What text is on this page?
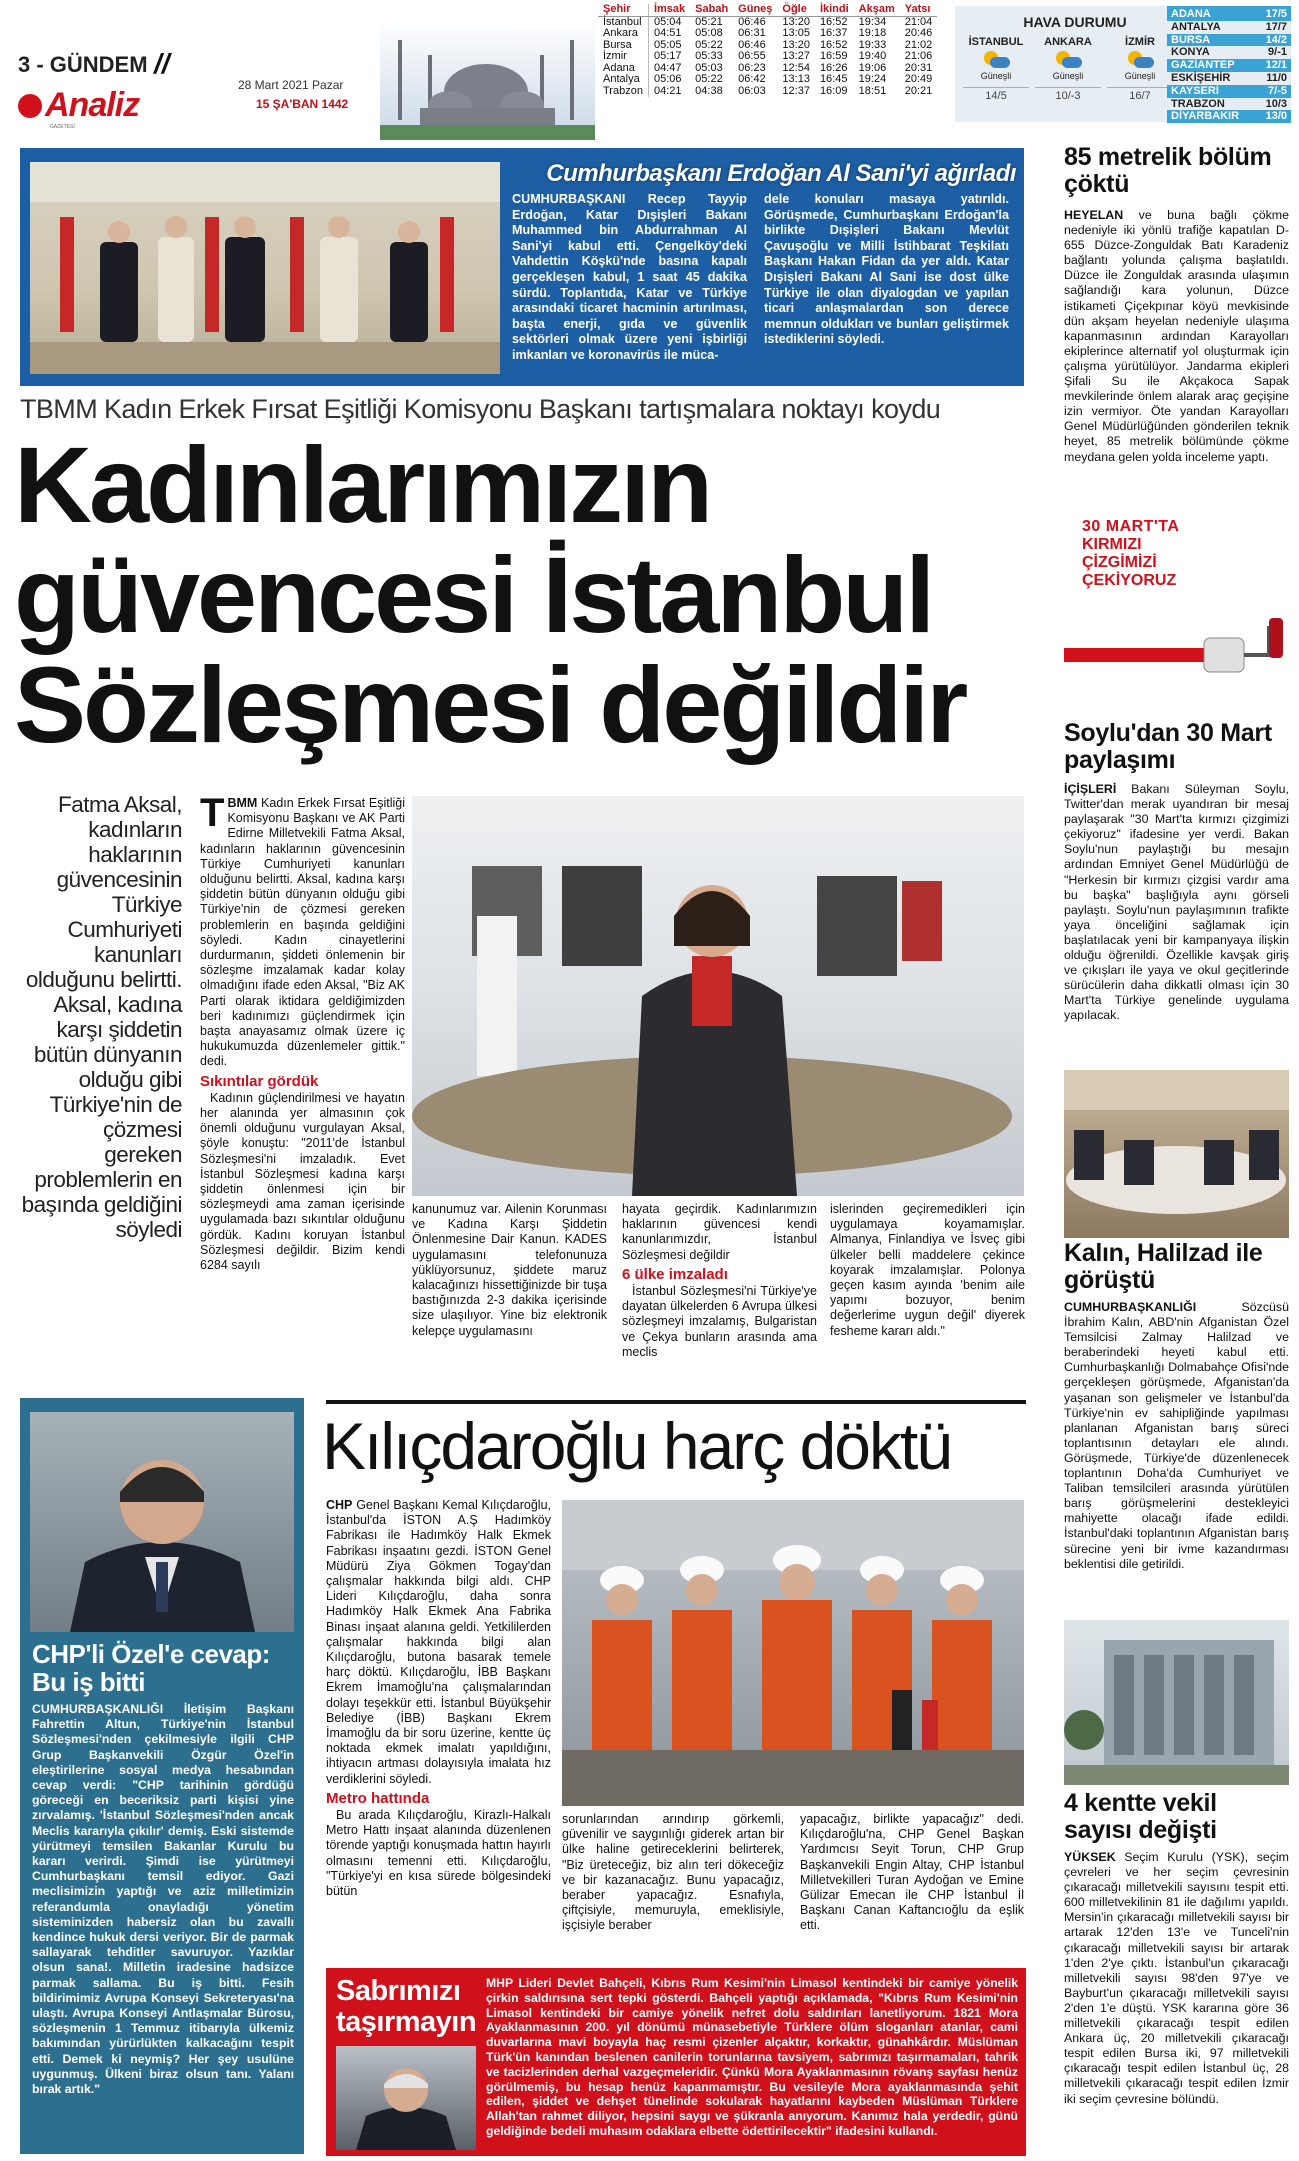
3 - GÜNDEM //
Analiz
GAZETESİ
28 Mart 2021 Pazar
15 ŞA'BAN 1442
Şehir	İmsak	Sabah	Güneş	Öğle	İkindi	Akşam	Yatsı
İstanbul	05:04	05:21	06:46	13:20	16:52	19:34	21:04
Ankara	04:51	05:08	06:31	13:05	16:37	19:18	20:46
Bursa	05:05	05:22	06:46	13:20	16:52	19:33	21:02
İzmir	05:17	05:33	06:55	13:27	16:59	19:40	21:06
Adana	04:47	05:03	06:23	12:54	16:26	19:06	20:31
Antalya	05:06	05:22	06:42	13:13	16:45	19:24	20:49
Trabzon	04:21	04:38	06:03	12:37	16:09	18:51	20:21
HAVA DURUMU
İSTANBUL
Güneşli
14/5
ANKARA
Güneşli
10/-3
İZMİR
Güneşli
16/7
ADANA	17/5
ANTALYA	17/7
BURSA	14/2
KONYA	9/-1
GAZİANTEP	12/1
ESKİŞEHİR	11/0
KAYSERİ	7/-5
TRABZON	10/3
DİYARBAKIR 13/0
Cumhurbaşkanı Erdoğan Al Sani'yi ağırladı
CUMHURBAŞKANI Recep Tayyip Erdoğan, Katar Dışişleri Bakanı Muhammed bin Abdurrahman Al Sani'yi kabul etti. Çengelköy'deki Vahdettin Köşkü'nde basına kapalı gerçekleşen kabul, 1 saat 45 dakika sürdü. Toplantıda, Katar ve Türkiye arasındaki ticaret hacminin artırılması, başta enerji, gıda ve güvenlik sektörleri olmak üzere yeni işbirliği imkanları ve koronavirüs ile müca-
dele konuları masaya yatırıldı. Görüşmede, Cumhurbaşkanı Erdoğan'la birlikte Dışişleri Bakanı Mevlüt Çavuşoğlu ve Milli İstihbarat Teşkilatı Başkanı Hakan Fidan da yer aldı. Katar Dışişleri Bakanı Al Sani ise dost ülke Türkiye ile olan diyalogdan ve yapılan ticari anlaşmalardan son derece memnun oldukları ve bunları geliştirmek istediklerini söyledi.
TBMM Kadın Erkek Fırsat Eşitliği Komisyonu Başkanı tartışmalara noktayı koydu
Kadınlarımızın
güvencesi İstanbul
Sözleşmesi değildir
Fatma Aksal, kadınların haklarının güvencesinin Türkiye Cumhuriyeti kanunları olduğunu belirtti. Aksal, kadına karşı şiddetin bütün dünyanın olduğu gibi Türkiye'nin de çözmesi gereken problemlerin en başında geldiğini söyledi
TBMM Kadın Erkek Fırsat Eşitliği Komisyonu Başkanı ve AK Parti Edirne Milletvekili Fatma Aksal, kadınların haklarının güvencesinin Türkiye Cumhuriyeti kanunları olduğunu belirtti. Aksal, kadına karşı şiddetin bütün dünyanın olduğu gibi Türkiye'nin de çözmesi gereken problemlerin en başında geldiğini söyledi. Kadın cinayetlerini durdurmanın, şiddeti önlemenin bir sözleşme imzalamak kadar kolay olmadığını ifade eden Aksal, "Biz AK Parti olarak iktidara geldiğimizden beri kadınımızı güçlendirmek için başta anayasamız olmak üzere iç hukukumuzda düzenlemeler gittik." dedi.
Sıkıntılar gördük
Kadının güçlendirilmesi ve hayatın her alanında yer almasının çok önemli olduğunu vurgulayan Aksal, şöyle konuştu: "2011'de İstanbul Sözleşmesi'ni imzaladık. Evet İstanbul Sözleşmesi kadına karşı şiddetin önlenmesi için bir sözleşmeydi ama zaman içerisinde uygulamada bazı sıkıntılar olduğunu gördük. Kadını koruyan İstanbul Sözleşmesi değildir. Bizim kendi 6284 sayılı
kanunumuz var. Ailenin Korunması ve Kadına Karşı Şiddetin Önlenmesine Dair Kanun. KADES uygulamasını telefonunuza yüklüyorsunuz, şiddete maruz kalacağınızı hissettiğinizde bir tuşa bastığınızda 2-3 dakika içerisinde size ulaşılıyor. Yine biz elektronik kelepçe uygulamasını
hayata geçirdik. Kadınlarımızın haklarının güvencesi kendi kanunlarımızdır, İstanbul Sözleşmesi değildir
6 ülke imzaladı
İstanbul Sözleşmesi'ni Türkiye'ye dayatan ülkelerden 6 Avrupa ülkesi sözleşmeyi imzalamış, Bulgaristan ve Çekya bunların arasında ama meclis
islerinden geçiremedikleri için uygulamaya koyamamışlar. Almanya, Finlandiya ve İsveç gibi ülkeler belli maddelere çekince koyarak imzalamışlar. Polonya geçen kasım ayında 'benim aile yapımı bozuyor, benim değerlerime uygun değil' diyerek fesheme kararı aldı."
85 metrelik bölüm çöktü
HEYELAN ve buna bağlı çökme nedeniyle iki yönlü trafiğe kapatılan D-655 Düzce-Zonguldak Batı Karadeniz bağlantı yolunda çalışma başlatıldı. Düzce ile Zonguldak arasında ulaşımın sağlandığı kara yolunun, Düzce istikameti Çiçekpınar köyü mevkisinde dün akşam heyelan nedeniyle ulaşıma kapanmasının ardından Karayolları ekiplerince alternatif yol oluşturmak için çalışma yürütülüyor. Jandarma ekipleri Şifali Su ile Akçakoca Sapak mevkilerinde önlem alarak araç geçişine izin vermiyor. Öte yandan Karayolları Genel Müdürlüğünden gönderilen teknik heyet, 85 metrelik bölümünde çökme meydana gelen yolda inceleme yaptı.
30 MART'TA
KIRMIZI
ÇİZGİMİZİ
ÇEKİYORUZ
Soylu'dan 30 Mart paylaşımı
İÇİŞLERİ Bakanı Süleyman Soylu, Twitter'dan merak uyandıran bir mesaj paylaşarak "30 Mart'ta kırmızı çizgimizi çekiyoruz" ifadesine yer verdi. Bakan Soylu'nun paylaştığı bu mesajın ardından Emniyet Genel Müdürlüğü de "Herkesin bir kırmızı çizgisi vardır ama bu başka" başlığıyla aynı görseli paylaştı. Soylu'nun paylaşımının trafikte yaya önceliğini sağlamak için başlatılacak yeni bir kampanyaya ilişkin olduğu öğrenildi. Özellikle kavşak giriş ve çıkışları ile yaya ve okul geçitlerinde sürücülerin daha dikkatli olması için 30 Mart'ta Türkiye genelinde uygulama yapılacak.
Kalın, Halilzad ile görüştü
CUMHURBAŞKANLIĞI Sözcüsü İbrahim Kalın, ABD'nin Afganistan Özel Temsilcisi Zalmay Halilzad ve beraberindeki heyeti kabul etti. Cumhurbaşkanlığı Dolmabahçe Ofisi'nde gerçekleşen görüşmede, Afganistan'da yaşanan son gelişmeler ve İstanbul'da Türkiye'nin ev sahipliğinde yapılması planlanan Afganistan barış süreci toplantısının detayları ele alındı. Görüşmede, Türkiye'de düzenlenecek toplantının Doha'da Cumhuriyet ve Taliban temsilcileri arasında yürütülen barış görüşmelerini destekleyici mahiyette olacağı ifade edildi. İstanbul'daki toplantının Afganistan barış sürecine yeni bir ivme kazandırması beklentisi dile getirildi.
4 kentte vekil sayısı değişti
YÜKSEK Seçim Kurulu (YSK), seçim çevreleri ve her seçim çevresinin çıkaracağı milletvekili sayısını tespit etti. 600 milletvekilinin 81 ile dağılımı yapıldı. Mersin'in çıkaracağı milletvekili sayısı bir artarak 12'den 13'e ve Tunceli'nin çıkaracağı milletvekili sayısı bir artarak 1'den 2'ye çıktı. İstanbul'un çıkaracağı milletvekili sayısı 98'den 97'ye ve Bayburt'un çıkaracağı milletvekili sayısı 2'den 1'e düştü. YSK kararına göre 36 milletvekili çıkaracağı tespit edilen Ankara üç, 20 milletvekili çıkaracağı tespit edilen Bursa iki, 97 milletvekili çıkaracağı tespit edilen İstanbul üç, 28 milletvekili çıkaracağı tespit edilen İzmir iki seçim çevresine bölündü.
CHP'li Özel'e cevap: Bu iş bitti
CUMHURBAŞKANLIĞI İletişim Başkanı Fahrettin Altun, Türkiye'nin İstanbul Sözleşmesi'nden çekilmesiyle ilgili CHP Grup Başkanvekili Özgür Özel'in eleştirilerine sosyal medya hesabından cevap verdi: "CHP tarihinin gördüğü göreceği en beceriksiz parti kişisi yine zırvalamış. 'İstanbul Sözleşmesi'nden ancak Meclis kararıyla çıkılır' demiş. Eski sistemde yürütmeyi temsilen Bakanlar Kurulu bu kararı verirdi. Şimdi ise yürütmeyi Cumhurbaşkanı temsil ediyor. Gazi meclisimizin yaptığı ve aziz milletimizin referandumla onayladığı yönetim sisteminizden habersiz olan bu zavallı kendince hukuk dersi veriyor. Bir de parmak sallayarak tehditler savuruyor. Yazıklar olsun sana!. Milletin iradesine hadsizce parmak sallama. Bu iş bitti. Fesih bildirimimiz Avrupa Konseyi Sekreteryası'na ulaştı. Avrupa Konseyi Antlaşmalar Bürosu, sözleşmenin 1 Temmuz itibarıyla ülkemiz bakımından yürürlükten kalkacağını tespit etti. Demek ki neymiş? Her şey usulüne uygunmuş. Ülkeni biraz olsun tanı. Yalanı bırak artık."
Kılıçdaroğlu harç döktü
CHP Genel Başkanı Kemal Kılıçdaroğlu, İstanbul'da İSTON A.Ş Hadımköy Fabrikası ile Hadımköy Halk Ekmek Fabrikası inşaatını gezdi. İSTON Genel Müdürü Ziya Gökmen Togay'dan çalışmalar hakkında bilgi aldı. CHP Lideri Kılıçdaroğlu, daha sonra Hadımköy Halk Ekmek Ana Fabrika Binası inşaat alanına geldi. Yetkililerden çalışmalar hakkında bilgi alan Kılıçdaroğlu, butona basarak temele harç döktü. Kılıçdaroğlu, İBB Başkanı Ekrem İmamoğlu'na çalışmalarından dolayı teşekkür etti. İstanbul Büyükşehir Belediye (İBB) Başkanı Ekrem İmamoğlu da bir soru üzerine, kentte üç noktada ekmek imalatı yapıldığını, ihtiyacın artması dolayısıyla imalata hız verdiklerini söyledi.
Metro hattında
Bu arada Kılıçdaroğlu, Kirazlı-Halkalı Metro Hattı inşaat alanında düzenlenen törende yaptığı konuşmada hattın hayırlı olmasını temenni etti. Kılıçdaroğlu, "Türkiye'yi en kısa sürede bölgesindeki bütün
sorunlarından arındırıp görkemli, güvenilir ve saygınlığı giderek artan bir ülke haline getireceklerini belirterek, "Biz üreteceğiz, biz alın teri dökeceğiz ve bir kazanacağız. Bunu yapacağız, beraber yapacağız. Esnafıyla, çiftçisiyle, memuruyla, emeklisiyle, işçisiyle beraber
yapacağız, birlikte yapacağız" dedi. Kılıçdaroğlu'na, CHP Genel Başkan Yardımcısı Seyit Torun, CHP Grup Başkanvekili Engin Altay, CHP İstanbul Milletvekilleri Turan Aydoğan ve Emine Gülizar Emecan ile CHP İstanbul İl Başkanı Canan Kaftancıoğlu da eşlik etti.
Sabrımızı
taşırmayın
MHP Lideri Devlet Bahçeli, Kıbrıs Rum Kesimi'nin Limasol kentindeki bir camiye yönelik çirkin saldırısına sert tepki gösterdi. Bahçeli yaptığı açıklamada, "Kıbrıs Rum Kesimi'nin Limasol kentindeki bir camiye yönelik nefret dolu saldırıları lanetliyorum. 1821 Mora Ayaklanmasının 200. yıl dönümü münasebetiyle Türklere ölüm sloganları atanlar, cami duvarlarına mavi boyayla haç resmi çizenler alçaktır, korkaktır, günahkârdır. Müslüman Türk'ün kanından beslenen canilerin torunlarına tavsiyem, sabrımızı taşırmamaları, tahrik ve tacizlerinden derhal vazgeçmeleridir. Çünkü Mora Ayaklanmasının rövanş sayfası henüz görülmemiş, bu hesap henüz kapanmamıştır. Bu vesileyle Mora ayaklanmasında şehit edilen, şiddet ve dehşet tünelinde sokularak hayatlarını kaybeden Müslüman Türklere Allah'tan rahmet diliyor, hepsini saygı ve şükranla anıyorum. Kanımız hala yerdedir, günü geldiğinde bedeli muhasım odaklara elbette ödettirilecektir" ifadesini kullandı.
